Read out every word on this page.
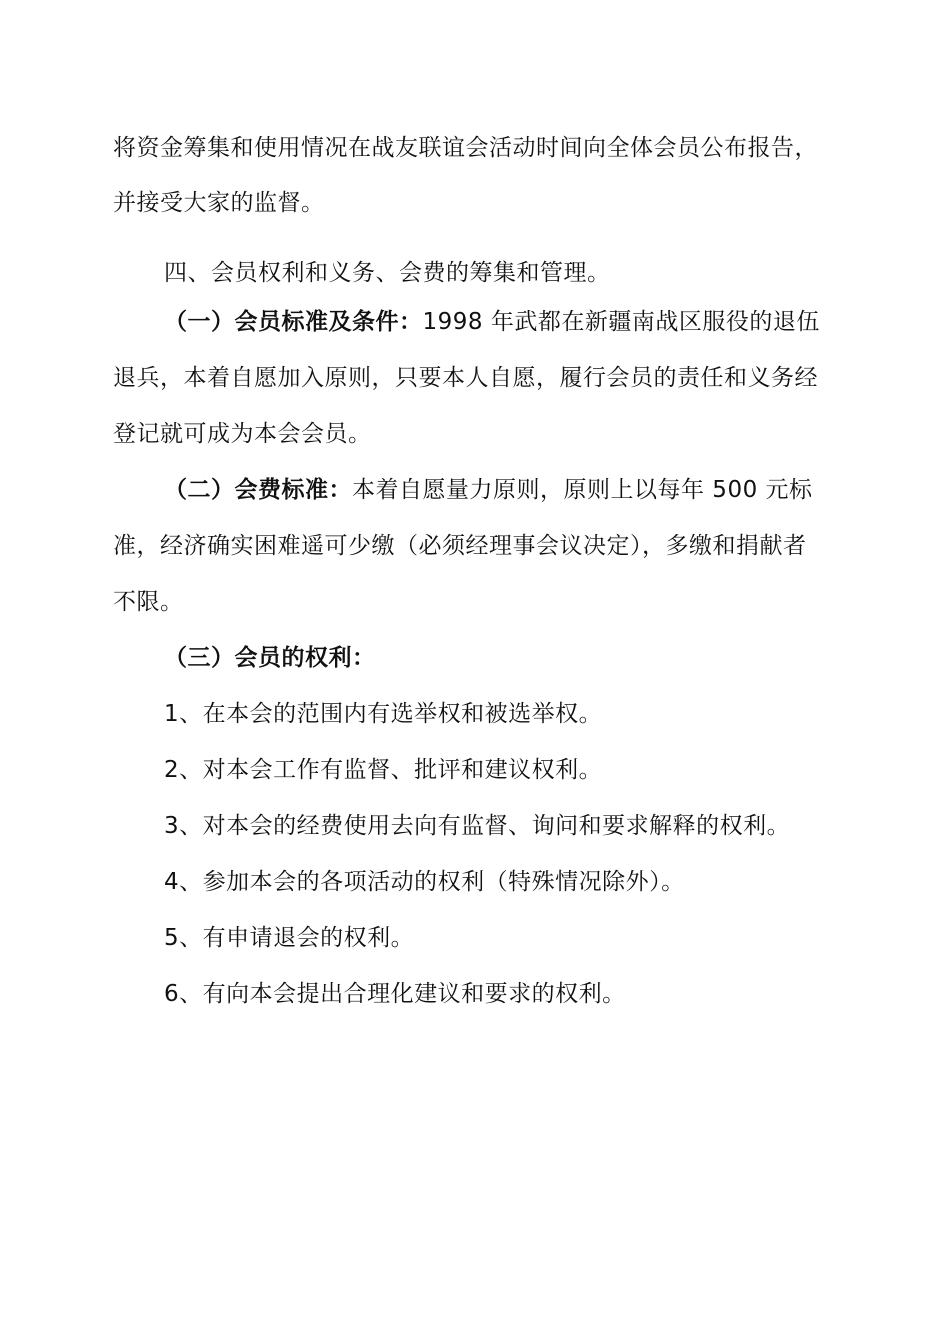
将资金筹集和使用情况在战友联谊会活动时间向全体会员公布报告，
并接受大家的监督。
四、会员权利和义务、会费的筹集和管理。
（一）会员标准及条件：1998 年武都在新疆南战区服役的退伍
退兵，本着自愿加入原则，只要本人自愿，履行会员的责任和义务经
登记就可成为本会会员。
（二）会费标准：本着自愿量力原则，原则上以每年 500 元标
准，经济确实困难遥可少缴（必须经理事会议决定），多缴和捐献者
不限。
（三）会员的权利：
1、在本会的范围内有选举权和被选举权。
2、对本会工作有监督、批评和建议权利。
3、对本会的经费使用去向有监督、询问和要求解释的权利。
4、参加本会的各项活动的权利（特殊情况除外）。
5、有申请退会的权利。
6、有向本会提出合理化建议和要求的权利。
